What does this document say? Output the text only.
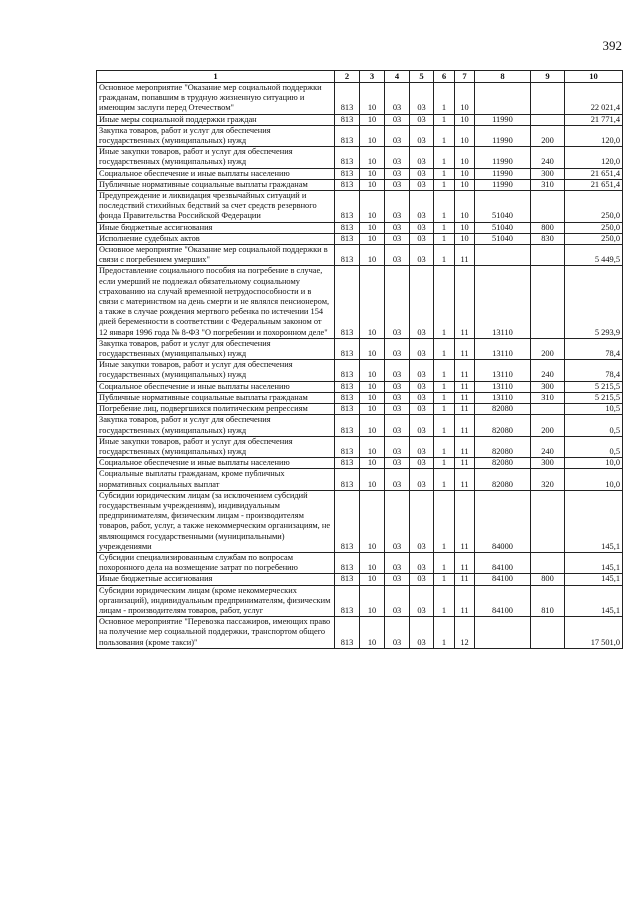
392
1	2	3	4	5	6	7	8	9	10
Основное мероприятие "Оказание мер социальной поддержки гражданам, попавшим в трудную жизненную ситуацию и имеющим заслуги перед Отечеством"	813	10	03	03	1	10			22 021,4
Иные меры социальной поддержки граждан	813	10	03	03	1	10	11990		21 771,4
Закупка товаров, работ и услуг для обеспечения государственных (муниципальных) нужд	813	10	03	03	1	10	11990	200	120,0
Иные закупки товаров, работ и услуг для обеспечения государственных (муниципальных) нужд	813	10	03	03	1	10	11990	240	120,0
Социальное обеспечение и иные выплаты населению	813	10	03	03	1	10	11990	300	21 651,4
Публичные нормативные социальные выплаты гражданам	813	10	03	03	1	10	11990	310	21 651,4
Предупреждение и ликвидация чрезвычайных ситуаций и последствий стихийных бедствий за счет средств резервного фонда Правительства Российской Федерации	813	10	03	03	1	10	51040		250,0
Иные бюджетные ассигнования	813	10	03	03	1	10	51040	800	250,0
Исполнение судебных актов	813	10	03	03	1	10	51040	830	250,0
Основное мероприятие "Оказание мер социальной поддержки в связи с погребением умерших"	813	10	03	03	1	11			5 449,5
Предоставление социального пособия на погребение в случае, если умерший не подлежал обязательному социальному страхованию на случай временной нетрудоспособности и в связи с материнством на день смерти и не являлся пенсионером, а также в случае рождения мертвого ребенка по истечении 154 дней беременности в соответствии с Федеральным законом от 12 января 1996 года № 8-ФЗ "О погребении и похоронном деле"	813	10	03	03	1	11	13110		5 293,9
Закупка товаров, работ и услуг для обеспечения государственных (муниципальных) нужд	813	10	03	03	1	11	13110	200	78,4
Иные закупки товаров, работ и услуг для обеспечения государственных (муниципальных) нужд	813	10	03	03	1	11	13110	240	78,4
Социальное обеспечение и иные выплаты населению	813	10	03	03	1	11	13110	300	5 215,5
Публичные нормативные социальные выплаты гражданам	813	10	03	03	1	11	13110	310	5 215,5
Погребение лиц, подвергшихся политическим репрессиям	813	10	03	03	1	11	82080		10,5
Закупка товаров, работ и услуг для обеспечения государственных (муниципальных) нужд	813	10	03	03	1	11	82080	200	0,5
Иные закупки товаров, работ и услуг для обеспечения государственных (муниципальных) нужд	813	10	03	03	1	11	82080	240	0,5
Социальное обеспечение и иные выплаты населению	813	10	03	03	1	11	82080	300	10,0
Социальные выплаты гражданам, кроме публичных нормативных социальных выплат	813	10	03	03	1	11	82080	320	10,0
Субсидии юридическим лицам (за исключением субсидий государственным учреждениям), индивидуальным предпринимателям, физическим лицам - производителям товаров, работ, услуг, а также некоммерческим организациям, не являющимся государственными (муниципальными) учреждениями	813	10	03	03	1	11	84000		145,1
Субсидии специализированным службам по вопросам похоронного дела на возмещение затрат по погребению	813	10	03	03	1	11	84100		145,1
Иные бюджетные ассигнования	813	10	03	03	1	11	84100	800	145,1
Субсидии юридическим лицам (кроме некоммерческих организаций), индивидуальным предпринимателям, физическим лицам - производителям товаров, работ, услуг	813	10	03	03	1	11	84100	810	145,1
Основное мероприятие "Перевозка пассажиров, имеющих право на получение мер социальной поддержки, транспортом общего пользования (кроме такси)"	813	10	03	03	1	12			17 501,0
